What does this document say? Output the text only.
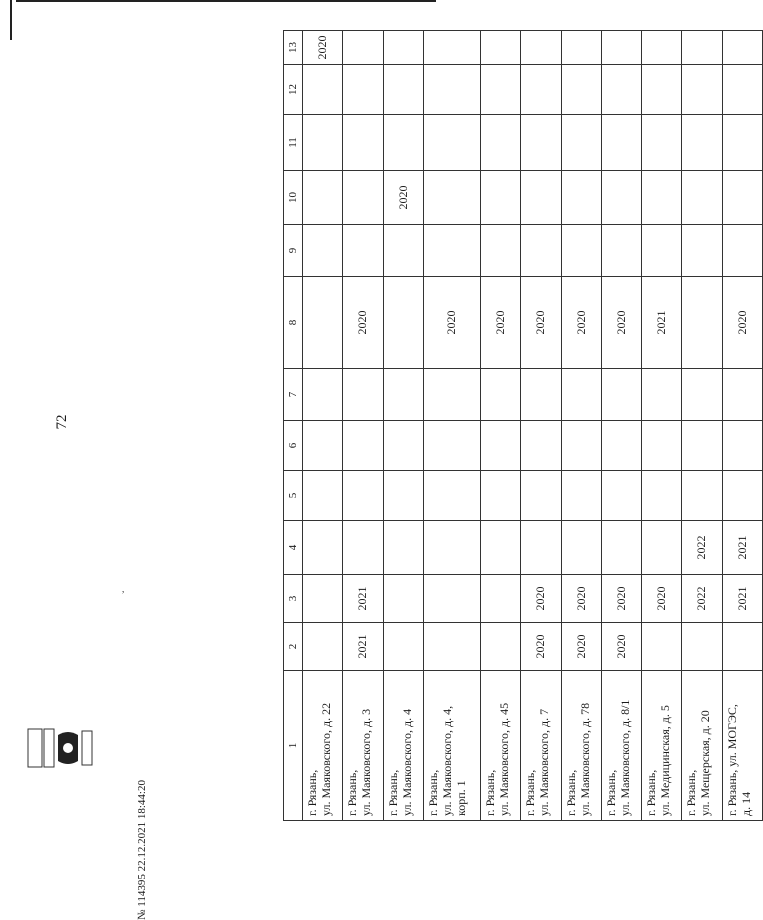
72
1	2	3	4	5	6	7	8	9	10	11	12	13

г. Рязань, ул. Маяковского, д. 22												2020

г. Рязань, ул. Маяковского, д. 3	2021	2021					2020					

г. Рязань, ул. Маяковского, д. 4									2020			

г. Рязань, ул. Маяковского, д. 4, корп. 1							2020					

г. Рязань, ул. Маяковского, д. 45							2020					

г. Рязань, ул. Маяковского, д. 7	2020	2020					2020					

г. Рязань, ул. Маяковского, д. 78	2020	2020					2020					

г. Рязань, ул. Маяковского, д. 8/1	2020	2020					2020					

г. Рязань, ул. Медицинская, д. 5		2020					2021					

г. Рязань, ул. Мещерская, д. 20		2022	2022									

г. Рязань, ул. МОГЭС, д. 14		2021	2021				2020					
№ 114395 22.12.2021 18:44:20
,
